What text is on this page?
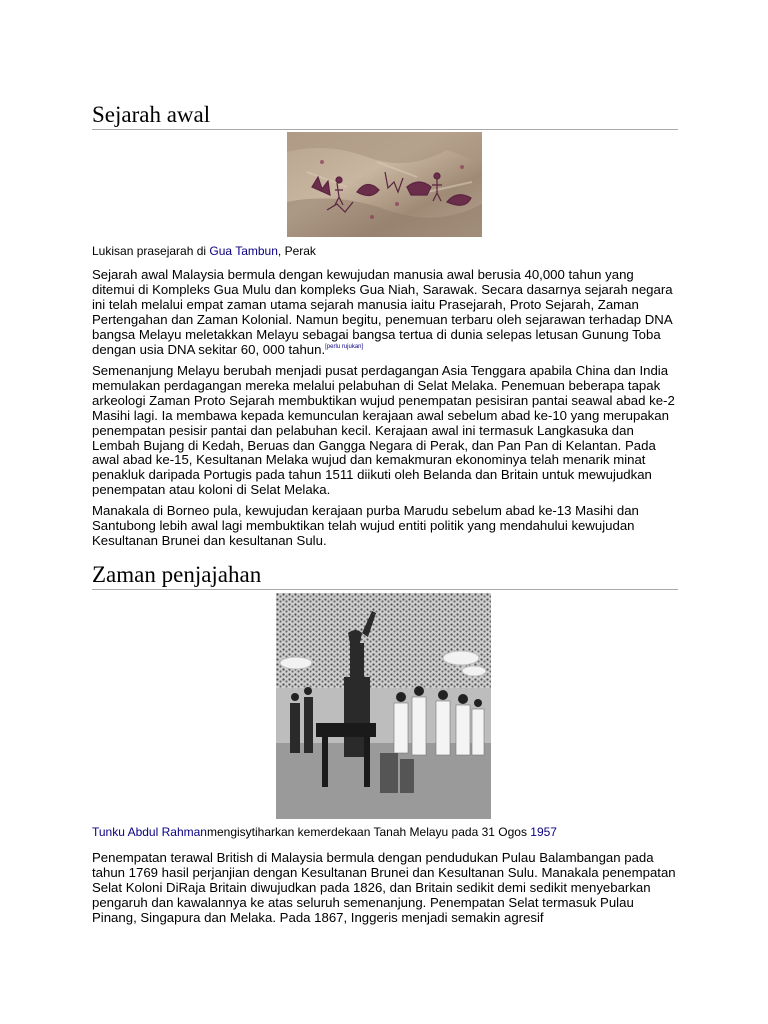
Sejarah awal
Lukisan prasejarah di Gua Tambun, Perak

Sejarah awal Malaysia bermula dengan kewujudan manusia awal berusia 40,000 tahun yang ditemui di Kompleks Gua Mulu dan kompleks Gua Niah, Sarawak. Secara dasarnya sejarah negara ini telah melalui empat zaman utama sejarah manusia iaitu Prasejarah, Proto Sejarah, Zaman Pertengahan dan Zaman Kolonial. Namun begitu, penemuan terbaru oleh sejarawan terhadap DNA bangsa Melayu meletakkan Melayu sebagai bangsa tertua di dunia selepas letusan Gunung Toba dengan usia DNA sekitar 60, 000 tahun.[perlu rujukan]

Semenanjung Melayu berubah menjadi pusat perdagangan Asia Tenggara apabila China dan India memulakan perdagangan mereka melalui pelabuhan di Selat Melaka. Penemuan beberapa tapak arkeologi Zaman Proto Sejarah membuktikan wujud penempatan pesisiran pantai seawal abad ke-2 Masihi lagi. Ia membawa kepada kemunculan kerajaan awal sebelum abad ke-10 yang merupakan penempatan pesisir pantai dan pelabuhan kecil. Kerajaan awal ini termasuk Langkasuka dan Lembah Bujang di Kedah, Beruas dan Gangga Negara di Perak, dan Pan Pan di Kelantan. Pada awal abad ke-15, Kesultanan Melaka wujud dan kemakmuran ekonominya telah menarik minat penakluk daripada Portugis pada tahun 1511 diikuti oleh Belanda dan Britain untuk mewujudkan penempatan atau koloni di Selat Melaka.

Manakala di Borneo pula, kewujudan kerajaan purba Marudu sebelum abad ke-13 Masihi dan Santubong lebih awal lagi membuktikan telah wujud entiti politik yang mendahului kewujudan Kesultanan Brunei dan kesultanan Sulu.

Zaman penjajahan
Tunku Abdul Rahmanmengisytiharkan kemerdekaan Tanah Melayu pada 31 Ogos 1957

Penempatan terawal British di Malaysia bermula dengan pendudukan Pulau Balambangan pada tahun 1769 hasil perjanjian dengan Kesultanan Brunei dan Kesultanan Sulu. Manakala penempatan Selat Koloni DiRaja Britain diwujudkan pada 1826, dan Britain sedikit demi sedikit menyebarkan pengaruh dan kawalannya ke atas seluruh semenanjung. Penempatan Selat termasuk Pulau Pinang, Singapura dan Melaka. Pada 1867, Inggeris menjadi semakin agresif
